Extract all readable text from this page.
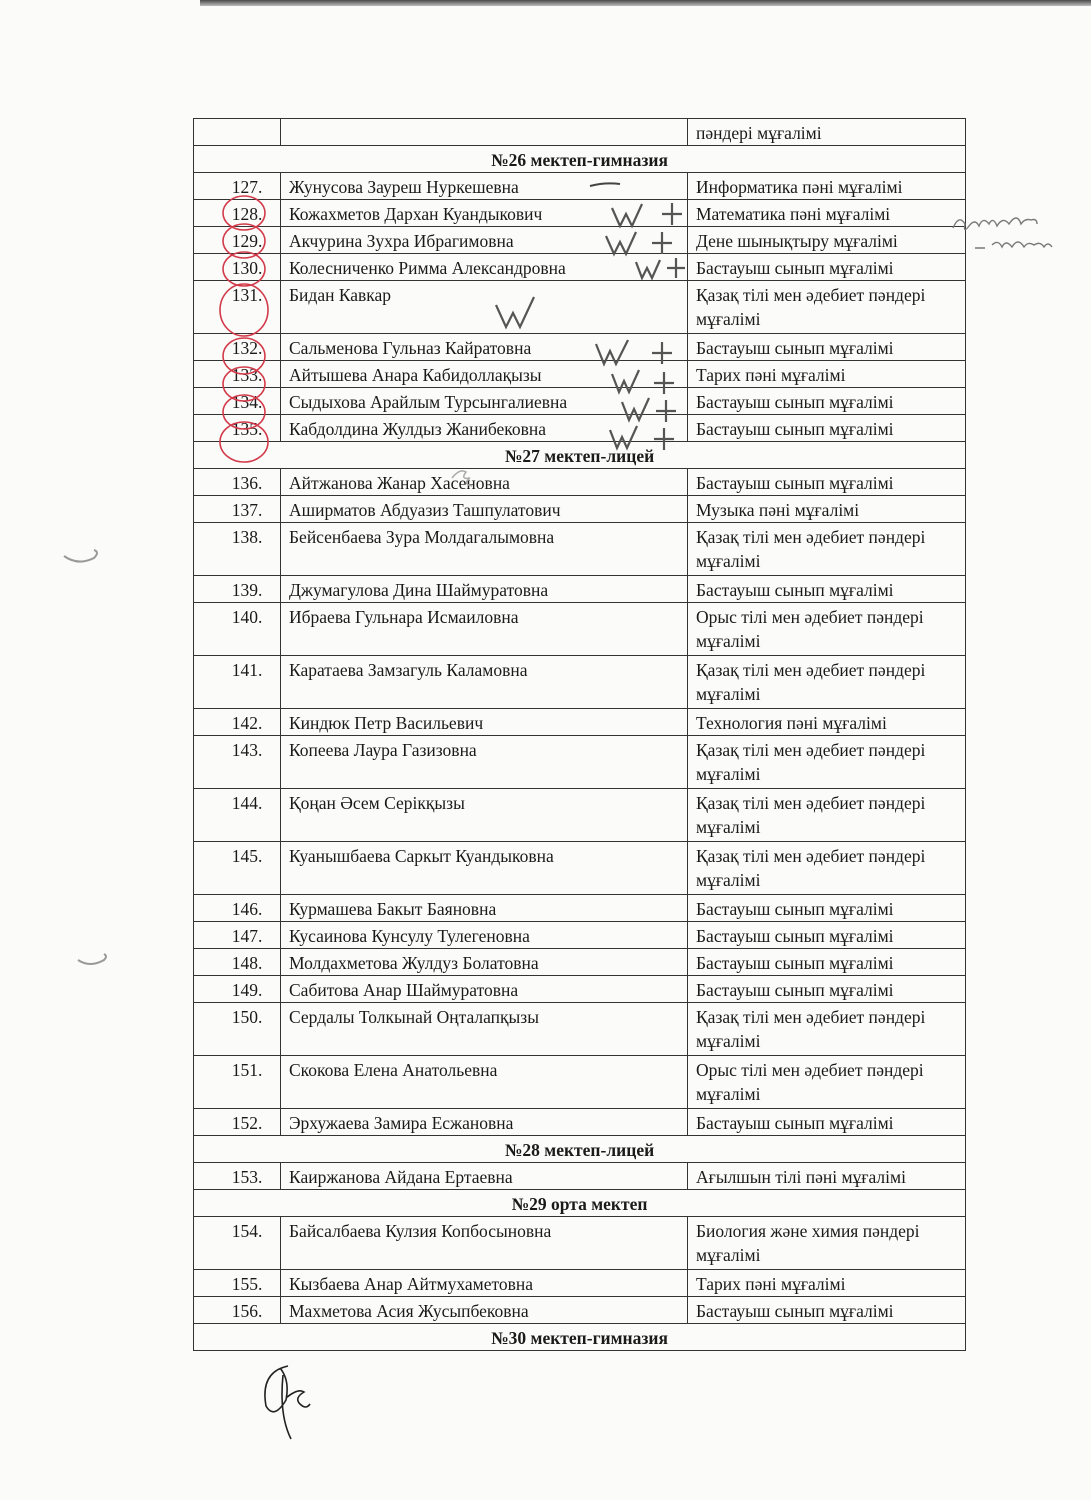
		пәндері мұғалімі
№26 мектеп-гимназия		
127.	Жунусова Зауреш Нуркешевна	Информатика пәні мұғалімі
128.	Кожахметов Дархан Куандыкович	Математика пәні мұғалімі
129.	Акчурина Зухра Ибрагимовна	Дене шынықтыру мұғалімі
130.	Колесниченко Римма Александровна	Бастауыш сынып мұғалімі
131.	Бидан Кавкар	Қазақ тілі мен әдебиет пәндері мұғалімі
132.	Сальменова Гульназ Кайратовна	Бастауыш сынып мұғалімі
133.	Айтышева Анара Кабидоллақызы	Тарих пәні мұғалімі
134.	Сыдыхова Арайлым Турсынгалиевна	Бастауыш сынып мұғалімі
135.	Кабдолдина Жулдыз Жанибековна	Бастауыш сынып мұғалімі
№27 мектеп-лицей		
136.	Айтжанова Жанар Хасеновна	Бастауыш сынып мұғалімі
137.	Аширматов Абдуазиз Ташпулатович	Музыка пәні мұғалімі
138.	Бейсенбаева Зура Молдагалымовна	Қазақ тілі мен әдебиет пәндері мұғалімі
139.	Джумагулова Дина Шаймуратовна	Бастауыш сынып мұғалімі
140.	Ибраева Гульнара Исмаиловна	Орыс тілі мен әдебиет пәндері мұғалімі
141.	Каратаева Замзагуль Каламовна	Қазақ тілі мен әдебиет пәндері мұғалімі
142.	Киндюк Петр Васильевич	Технология пәні мұғалімі
143.	Копеева Лаура Газизовна	Қазақ тілі мен әдебиет пәндері мұғалімі
144.	Қоңан Әсем Серікқызы	Қазақ тілі мен әдебиет пәндері мұғалімі
145.	Куанышбаева Саркыт Куандыковна	Қазақ тілі мен әдебиет пәндері мұғалімі
146.	Курмашева Бакыт Баяновна	Бастауыш сынып мұғалімі
147.	Кусаинова Кунсулу Тулегеновна	Бастауыш сынып мұғалімі
148.	Молдахметова Жулдуз Болатовна	Бастауыш сынып мұғалімі
149.	Сабитова Анар Шаймуратовна	Бастауыш сынып мұғалімі
150.	Сердалы Толкынай Оңталапқызы	Қазақ тілі мен әдебиет пәндері мұғалімі
151.	Скокова Елена Анатольевна	Орыс тілі мен әдебиет пәндері мұғалімі
152.	Эрхужаева Замира Есжановна	Бастауыш сынып мұғалімі
№28 мектеп-лицей		
153.	Каиржанова Айдана Ертаевна	Ағылшын тілі пәні мұғалімі
№29 орта мектеп		
154.	Байсалбаева Кулзия Копбосыновна	Биология және химия пәндері мұғалімі
155.	Кызбаева Анар Айтмухаметовна	Тарих пәні мұғалімі
156.	Махметова Асия Жусыпбековна	Бастауыш сынып мұғалімі
№30 мектеп-гимназия		
